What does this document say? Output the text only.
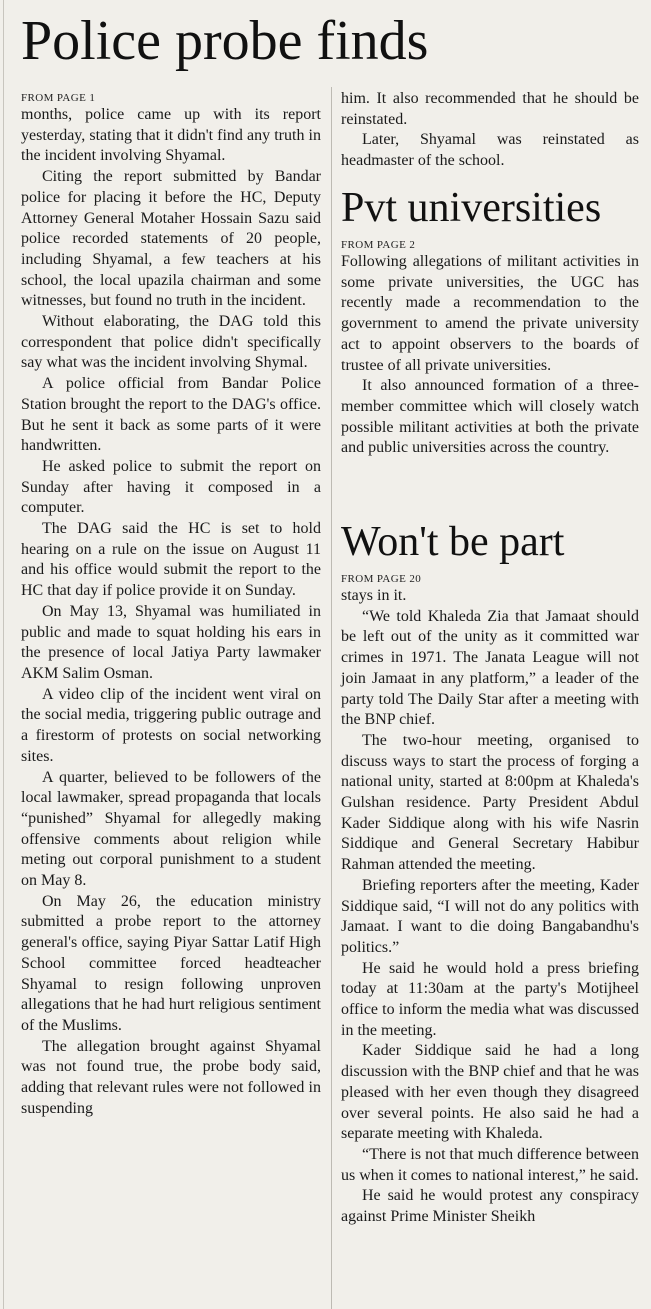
Police probe finds

FROM PAGE 1

months, police came up with its report yesterday, stating that it didn't find any truth in the incident involving Shyamal.

Citing the report submitted by Bandar police for placing it before the HC, Deputy Attorney General Motaher Hossain Sazu said police recorded statements of 20 people, including Shyamal, a few teachers at his school, the local upazila chairman and some witnesses, but found no truth in the incident.

Without elaborating, the DAG told this correspondent that police didn't specifically say what was the incident involving Shymal.

A police official from Bandar Police Station brought the report to the DAG's office. But he sent it back as some parts of it were handwritten.

He asked police to submit the report on Sunday after having it composed in a computer.

The DAG said the HC is set to hold hearing on a rule on the issue on August 11 and his office would submit the report to the HC that day if police provide it on Sunday.

On May 13, Shyamal was humiliated in public and made to squat holding his ears in the presence of local Jatiya Party lawmaker AKM Salim Osman.

A video clip of the incident went viral on the social media, triggering public outrage and a firestorm of protests on social networking sites.

A quarter, believed to be followers of the local lawmaker, spread propaganda that locals “punished” Shyamal for allegedly making offensive comments about religion while meting out corporal punishment to a student on May 8.

On May 26, the education ministry submitted a probe report to the attorney general's office, saying Piyar Sattar Latif High School committee forced headteacher Shyamal to resign following unproven allegations that he had hurt religious sentiment of the Muslims.

The allegation brought against Shyamal was not found true, the probe body said, adding that relevant rules were not followed in suspending

him. It also recommended that he should be reinstated.

Later, Shyamal was reinstated as headmaster of the school.

Pvt universities

FROM PAGE 2

Following allegations of militant activities in some private universities, the UGC has recently made a recommendation to the government to amend the private university act to appoint observers to the boards of trustee of all private universities.

It also announced formation of a three-member committee which will closely watch possible militant activities at both the private and public universities across the country.

Won't be part

FROM PAGE 20

stays in it.

“We told Khaleda Zia that Jamaat should be left out of the unity as it committed war crimes in 1971. The Janata League will not join Jamaat in any platform,” a leader of the party told The Daily Star after a meeting with the BNP chief.

The two-hour meeting, organised to discuss ways to start the process of forging a national unity, started at 8:00pm at Khaleda's Gulshan residence. Party President Abdul Kader Siddique along with his wife Nasrin Siddique and General Secretary Habibur Rahman attended the meeting.

Briefing reporters after the meeting, Kader Siddique said, “I will not do any politics with Jamaat. I want to die doing Bangabandhu's politics.”

He said he would hold a press briefing today at 11:30am at the party's Motijheel office to inform the media what was discussed in the meeting.

Kader Siddique said he had a long discussion with the BNP chief and that he was pleased with her even though they disagreed over several points. He also said he had a separate meeting with Khaleda.

“There is not that much difference between us when it comes to national interest,” he said.

He said he would protest any conspiracy against Prime Minister Sheikh
